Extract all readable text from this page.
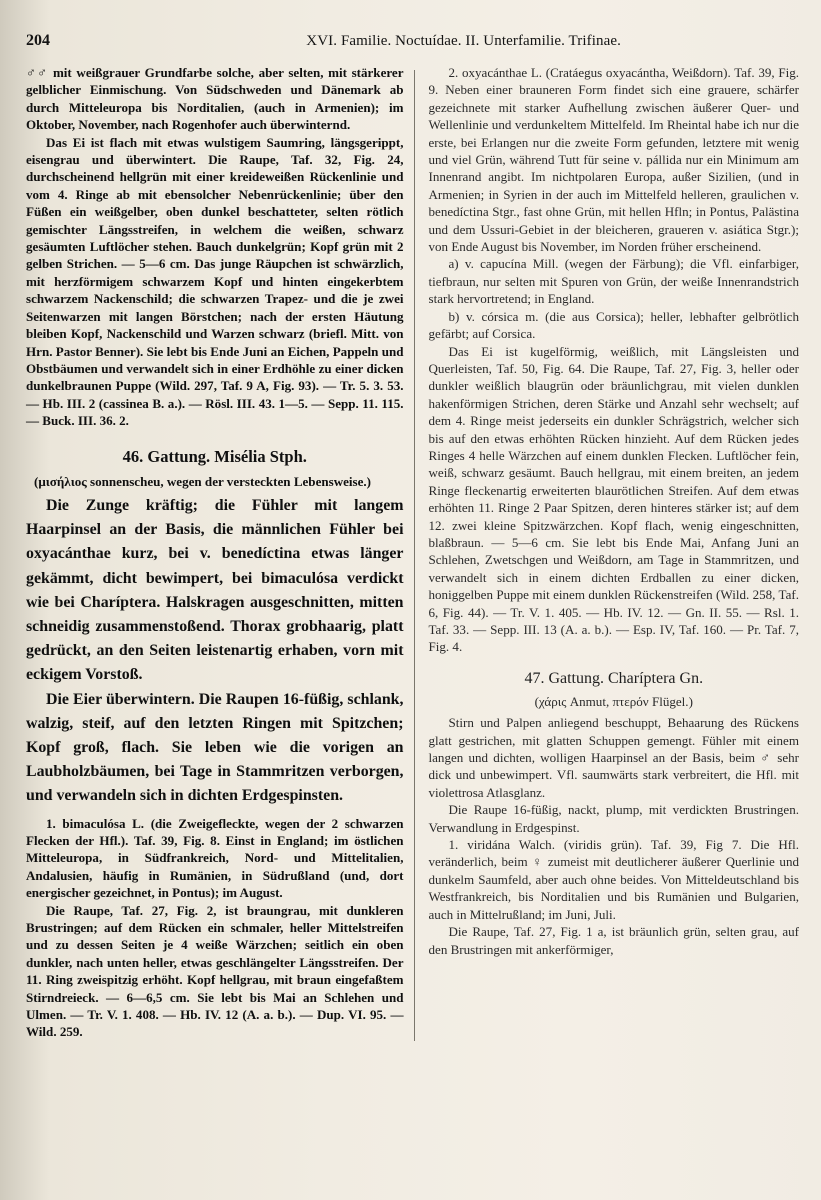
204	XVI. Familie. Noctuídae. II. Unterfamilie. Trifinae.

♂♂ mit weißgrauer Grundfarbe solche, aber selten, mit stärkerer gelblicher Einmischung. Von Südschweden und Dänemark ab durch Mitteleuropa bis Norditalien, (auch in Armenien); im Oktober, November, nach Rogenhofer auch überwinternd.

Das Ei ist flach mit etwas wulstigem Saumring, längsgerippt, eisengrau und überwintert. Die Raupe, Taf. 32, Fig. 24, durchscheinend hellgrün mit einer kreideweißen Rückenlinie und vom 4. Ringe ab mit ebensolcher Nebenrückenlinie; über den Füßen ein weißgelber, oben dunkel beschatteter, selten rötlich gemischter Längsstreifen, in welchem die weißen, schwarz gesäumten Luftlöcher stehen. Bauch dunkelgrün; Kopf grün mit 2 gelben Strichen. — 5—6 cm. Das junge Räupchen ist schwärzlich, mit herzförmigem schwarzem Kopf und hinten eingekerbtem schwarzem Nackenschild; die schwarzen Trapez- und die je zwei Seitenwarzen mit langen Börstchen; nach der ersten Häutung bleiben Kopf, Nackenschild und Warzen schwarz (briefl. Mitt. von Hrn. Pastor Benner). Sie lebt bis Ende Juni an Eichen, Pappeln und Obstbäumen und verwandelt sich in einer Erdhöhle zu einer dicken dunkelbraunen Puppe (Wild. 297, Taf. 9 A, Fig. 93). — Tr. 5. 3. 53. — Hb. III. 2 (cassinea B. a.). — Rösl. III. 43. 1—5. — Sepp. 11. 115. — Buck. III. 36. 2.

46. Gattung. Misélia Stph.

(μισήλιος sonnenscheu, wegen der versteckten Lebensweise.)

Die Zunge kräftig; die Fühler mit langem Haarpinsel an der Basis, die männlichen Fühler bei oxyacánthae kurz, bei v. benedíctina etwas länger gekämmt, dicht bewimpert, bei bimaculósa verdickt wie bei Charíptera. Halskragen ausgeschnitten, mitten schneidig zusammenstoßend. Thorax grobhaarig, platt gedrückt, an den Seiten leistenartig erhaben, vorn mit eckigem Vorstoß.

Die Eier überwintern. Die Raupen 16-füßig, schlank, walzig, steif, auf den letzten Ringen mit Spitzchen; Kopf groß, flach. Sie leben wie die vorigen an Laubholzbäumen, bei Tage in Stammritzen verborgen, und verwandeln sich in dichten Erdgespinsten.

1. bimaculósa L. (die Zweigefleckte, wegen der 2 schwarzen Flecken der Hfl.). Taf. 39, Fig. 8. Einst in England; im östlichen Mitteleuropa, in Südfrankreich, Nord- und Mittelitalien, Andalusien, häufig in Rumänien, in Südrußland (und, dort energischer gezeichnet, in Pontus); im August.

Die Raupe, Taf. 27, Fig. 2, ist braungrau, mit dunkleren Brustringen; auf dem Rücken ein schmaler, heller Mittelstreifen und zu dessen Seiten je 4 weiße Wärzchen; seitlich ein oben dunkler, nach unten heller, etwas geschlängelter Längsstreifen. Der 11. Ring zweispitzig erhöht. Kopf hellgrau, mit braun eingefaßtem Stirndreieck. — 6—6,5 cm. Sie lebt bis Mai an Schlehen und Ulmen. — Tr. V. 1. 408. — Hb. IV. 12 (A. a. b.). — Dup. VI. 95. — Wild. 259.

2. oxyacánthae L. (Cratáegus oxyacántha, Weißdorn). Taf. 39, Fig. 9. Neben einer brauneren Form findet sich eine grauere, schärfer gezeichnete mit starker Aufhellung zwischen äußerer Quer- und Wellenlinie und verdunkeltem Mittelfeld. Im Rheintal habe ich nur die erste, bei Erlangen nur die zweite Form gefunden, letztere mit wenig und viel Grün, während Tutt für seine v. pállida nur ein Minimum am Innenrand angibt. Im nichtpolaren Europa, außer Sizilien, (und in Armenien; in Syrien in der auch im Mittelfeld helleren, graulichen v. benedíctina Stgr., fast ohne Grün, mit hellen Hfln; in Pontus, Palästina und dem Ussuri-Gebiet in der bleicheren, graueren v. asiática Stgr.); von Ende August bis November, im Norden früher erscheinend.

a) v. capucína Mill. (wegen der Färbung); die Vfl. einfarbiger, tiefbraun, nur selten mit Spuren von Grün, der weiße Innenrandstrich stark hervortretend; in England.

b) v. córsica m. (die aus Corsica); heller, lebhafter gelbrötlich gefärbt; auf Corsica.

Das Ei ist kugelförmig, weißlich, mit Längsleisten und Querleisten, Taf. 50, Fig. 64. Die Raupe, Taf. 27, Fig. 3, heller oder dunkler weißlich blaugrün oder bräunlichgrau, mit vielen dunklen hakenförmigen Strichen, deren Stärke und Anzahl sehr wechselt; auf dem 4. Ringe meist jederseits ein dunkler Schrägstrich, welcher sich bis auf den etwas erhöhten Rücken hinzieht. Auf dem Rücken jedes Ringes 4 helle Wärzchen auf einem dunklen Flecken. Luftlöcher fein, weiß, schwarz gesäumt. Bauch hellgrau, mit einem breiten, an jedem Ringe fleckenartig erweiterten blaurötlichen Streifen. Auf dem etwas erhöhten 11. Ringe 2 Paar Spitzen, deren hinteres stärker ist; auf dem 12. zwei kleine Spitzwärzchen. Kopf flach, wenig eingeschnitten, blaßbraun. — 5—6 cm. Sie lebt bis Ende Mai, Anfang Juni an Schlehen, Zwetschgen und Weißdorn, am Tage in Stammritzen, und verwandelt sich in einem dichten Erdballen zu einer dicken, honiggelben Puppe mit einem dunklen Rückenstreifen (Wild. 258, Taf. 6, Fig. 44). — Tr. V. 1. 405. — Hb. IV. 12. — Gn. II. 55. — Rsl. 1. Taf. 33. — Sepp. III. 13 (A. a. b.). — Esp. IV, Taf. 160. — Pr. Taf. 7, Fig. 4.

47. Gattung. Charíptera Gn.

(χάρις Anmut, πτερόν Flügel.)

Stirn und Palpen anliegend beschuppt, Behaarung des Rückens glatt gestrichen, mit glatten Schuppen gemengt. Fühler mit einem langen und dichten, wolligen Haarpinsel an der Basis, beim ♂ sehr dick und unbewimpert. Vfl. saumwärts stark verbreitert, die Hfl. mit violettrosa Atlasglanz.

Die Raupe 16-füßig, nackt, plump, mit verdickten Brustringen. Verwandlung in Erdgespinst.

1. viridána Walch. (viridis grün). Taf. 39, Fig 7. Die Hfl. veränderlich, beim ♀ zumeist mit deutlicherer äußerer Querlinie und dunkelm Saumfeld, aber auch ohne beides. Von Mitteldeutschland bis Westfrankreich, bis Norditalien und bis Rumänien und Bulgarien, auch in Mittelrußland; im Juni, Juli.

Die Raupe, Taf. 27, Fig. 1 a, ist bräunlich grün, selten grau, auf den Brustringen mit ankerförmiger,
